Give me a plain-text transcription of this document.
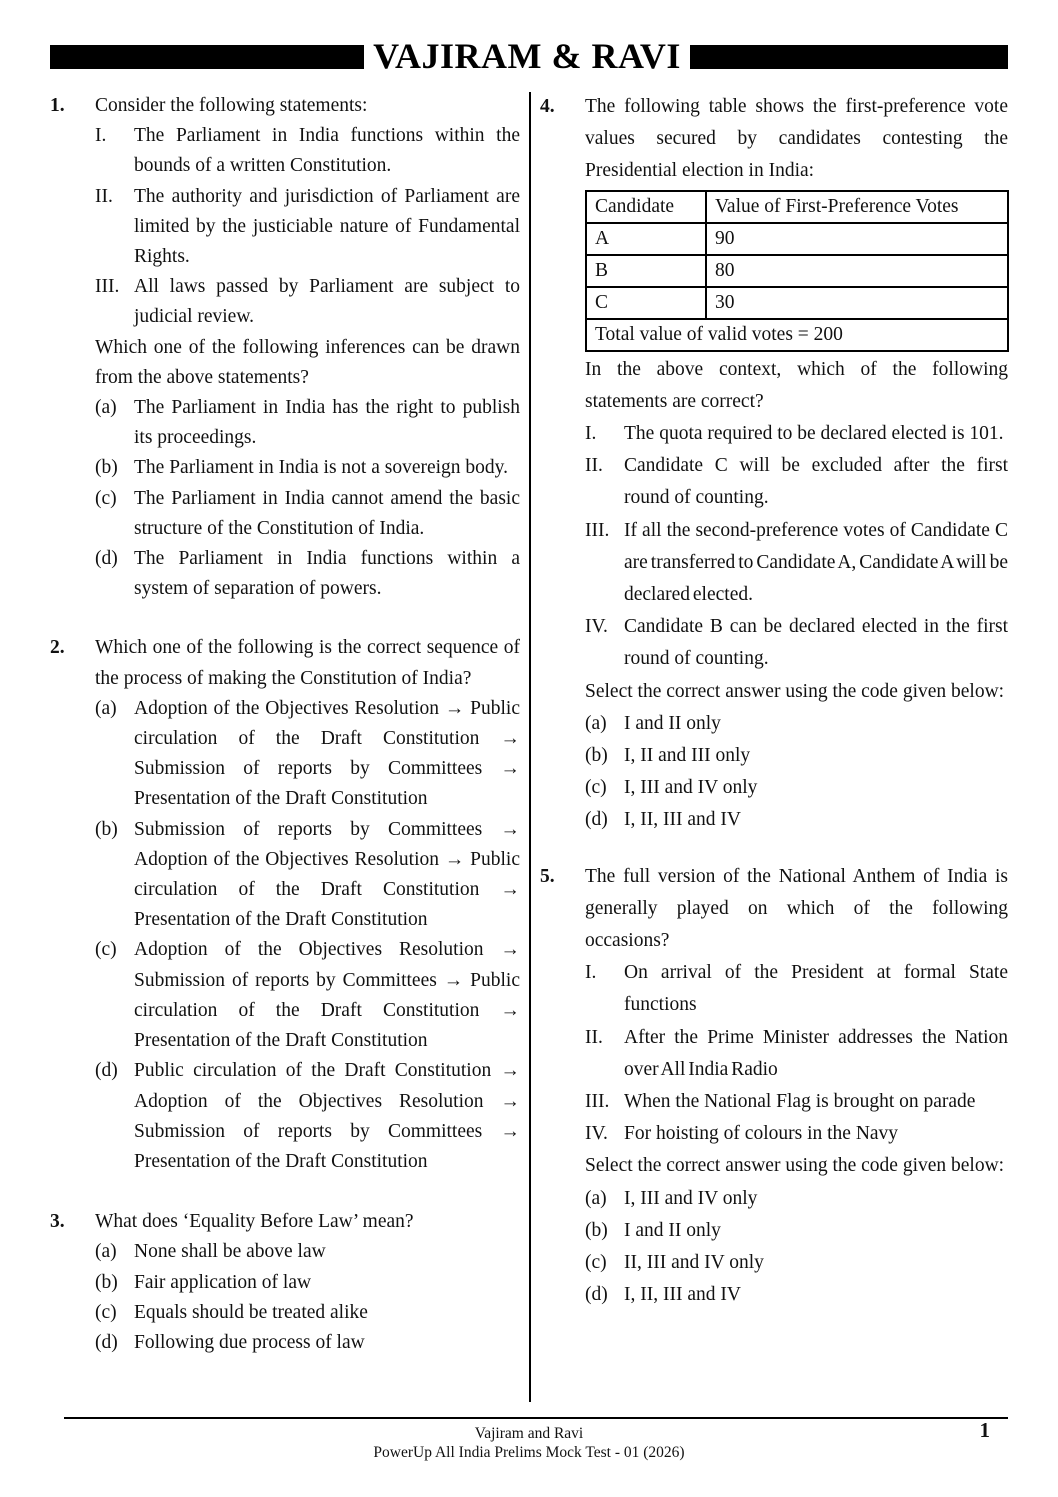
VAJIRAM & RAVI
1. Consider the following statements:
I. The Parliament in India functions within the bounds of a written Constitution.
II. The authority and jurisdiction of Parliament are limited by the justiciable nature of Fundamental Rights.
III. All laws passed by Parliament are subject to judicial review.
Which one of the following inferences can be drawn from the above statements?
(a) The Parliament in India has the right to publish its proceedings.
(b) The Parliament in India is not a sovereign body.
(c) The Parliament in India cannot amend the basic structure of the Constitution of India.
(d) The Parliament in India functions within a system of separation of powers.
2. Which one of the following is the correct sequence of the process of making the Constitution of India?
(a) Adoption of the Objectives Resolution → Public circulation of the Draft Constitution → Submission of reports by Committees → Presentation of the Draft Constitution
(b) Submission of reports by Committees → Adoption of the Objectives Resolution → Public circulation of the Draft Constitution → Presentation of the Draft Constitution
(c) Adoption of the Objectives Resolution → Submission of reports by Committees → Public circulation of the Draft Constitution → Presentation of the Draft Constitution
(d) Public circulation of the Draft Constitution → Adoption of the Objectives Resolution → Submission of reports by Committees → Presentation of the Draft Constitution
3. What does ‘Equality Before Law’ mean?
(a) None shall be above law
(b) Fair application of law
(c) Equals should be treated alike
(d) Following due process of law
4. The following table shows the first-preference vote values secured by candidates contesting the Presidential election in India:
Candidate	Value of First-Preference Votes
A	90
B	80
C	30
Total value of valid votes = 200	
In the above context, which of the following statements are correct?
I. The quota required to be declared elected is 101.
II. Candidate C will be excluded after the first round of counting.
III. If all the second-preference votes of Candidate C are transferred to Candidate A, Candidate A will be declared elected.
IV. Candidate B can be declared elected in the first round of counting.
Select the correct answer using the code given below:
(a) I and II only
(b) I, II and III only
(c) I, III and IV only
(d) I, II, III and IV
5. The full version of the National Anthem of India is generally played on which of the following occasions?
I. On arrival of the President at formal State functions
II. After the Prime Minister addresses the Nation over All India Radio
III. When the National Flag is brought on parade
IV. For hoisting of colours in the Navy
Select the correct answer using the code given below:
(a) I, III and IV only
(b) I and II only
(c) II, III and IV only
(d) I, II, III and IV
Vajiram and Ravi
PowerUp All India Prelims Mock Test - 01 (2026)
1
